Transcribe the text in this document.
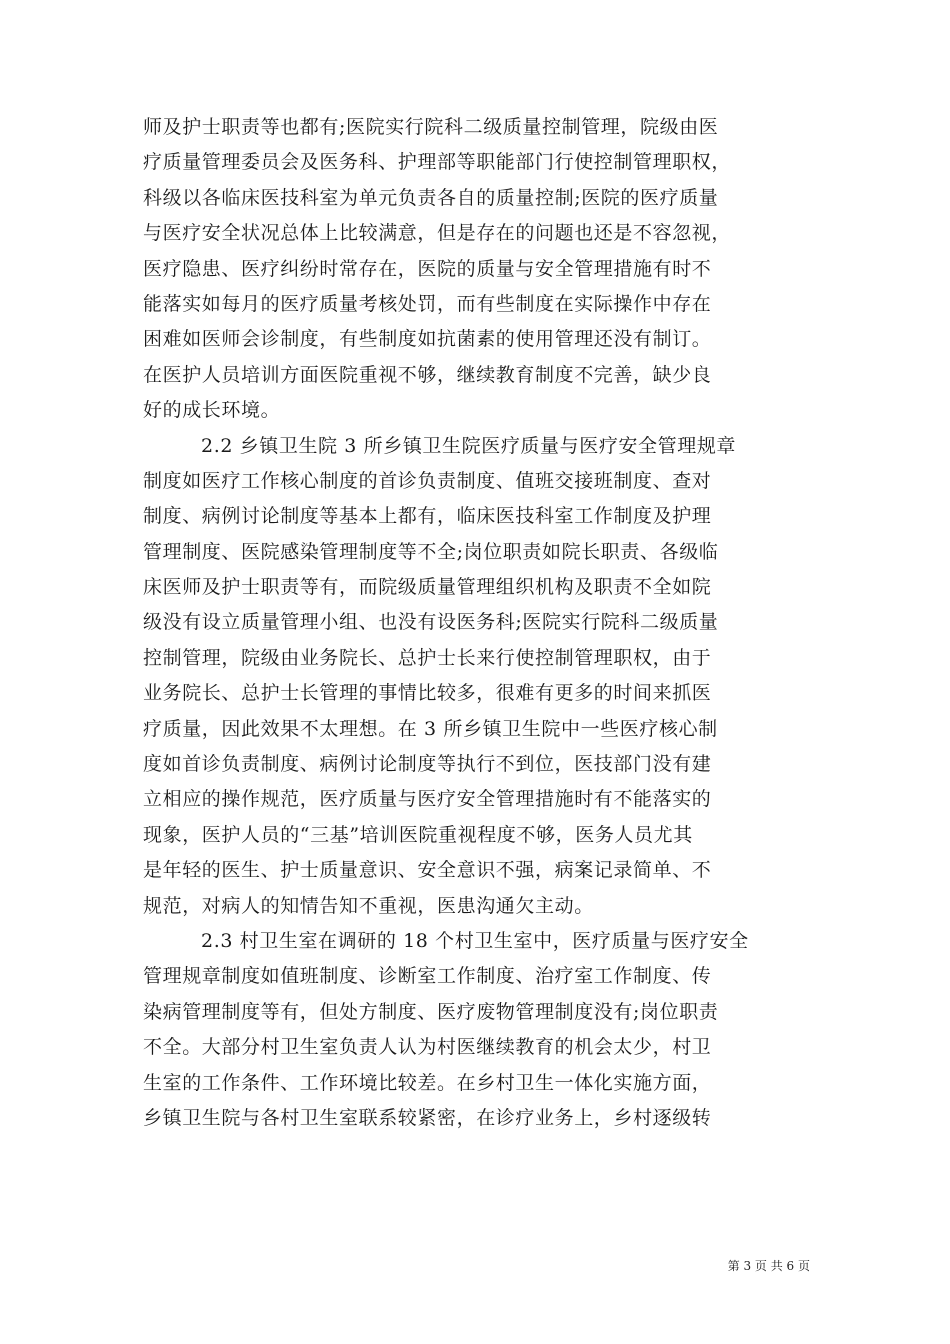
师及护士职责等也都有;医院实行院科二级质量控制管理，院级由医
疗质量管理委员会及医务科、护理部等职能部门行使控制管理职权，
科级以各临床医技科室为单元负责各自的质量控制;医院的医疗质量
与医疗安全状况总体上比较满意，但是存在的问题也还是不容忽视，
医疗隐患、医疗纠纷时常存在，医院的质量与安全管理措施有时不
能落实如每月的医疗质量考核处罚，而有些制度在实际操作中存在
困难如医师会诊制度，有些制度如抗菌素的使用管理还没有制订。
在医护人员培训方面医院重视不够，继续教育制度不完善，缺少良
好的成长环境。
2.2 乡镇卫生院 3 所乡镇卫生院医疗质量与医疗安全管理规章
制度如医疗工作核心制度的首诊负责制度、值班交接班制度、查对
制度、病例讨论制度等基本上都有，临床医技科室工作制度及护理
管理制度、医院感染管理制度等不全;岗位职责如院长职责、各级临
床医师及护士职责等有，而院级质量管理组织机构及职责不全如院
级没有设立质量管理小组、也没有设医务科;医院实行院科二级质量
控制管理，院级由业务院长、总护士长来行使控制管理职权，由于
业务院长、总护士长管理的事情比较多，很难有更多的时间来抓医
疗质量，因此效果不太理想。在 3 所乡镇卫生院中一些医疗核心制
度如首诊负责制度、病例讨论制度等执行不到位，医技部门没有建
立相应的操作规范，医疗质量与医疗安全管理措施时有不能落实的
现象，医护人员的“三基”培训医院重视程度不够，医务人员尤其
是年轻的医生、护士质量意识、安全意识不强，病案记录简单、不
规范，对病人的知情告知不重视，医患沟通欠主动。
2.3 村卫生室在调研的 18 个村卫生室中，医疗质量与医疗安全
管理规章制度如值班制度、诊断室工作制度、治疗室工作制度、传
染病管理制度等有，但处方制度、医疗废物管理制度没有;岗位职责
不全。大部分村卫生室负责人认为村医继续教育的机会太少，村卫
生室的工作条件、工作环境比较差。在乡村卫生一体化实施方面，
乡镇卫生院与各村卫生室联系较紧密，在诊疗业务上，乡村逐级转
第 3 页 共 6 页
